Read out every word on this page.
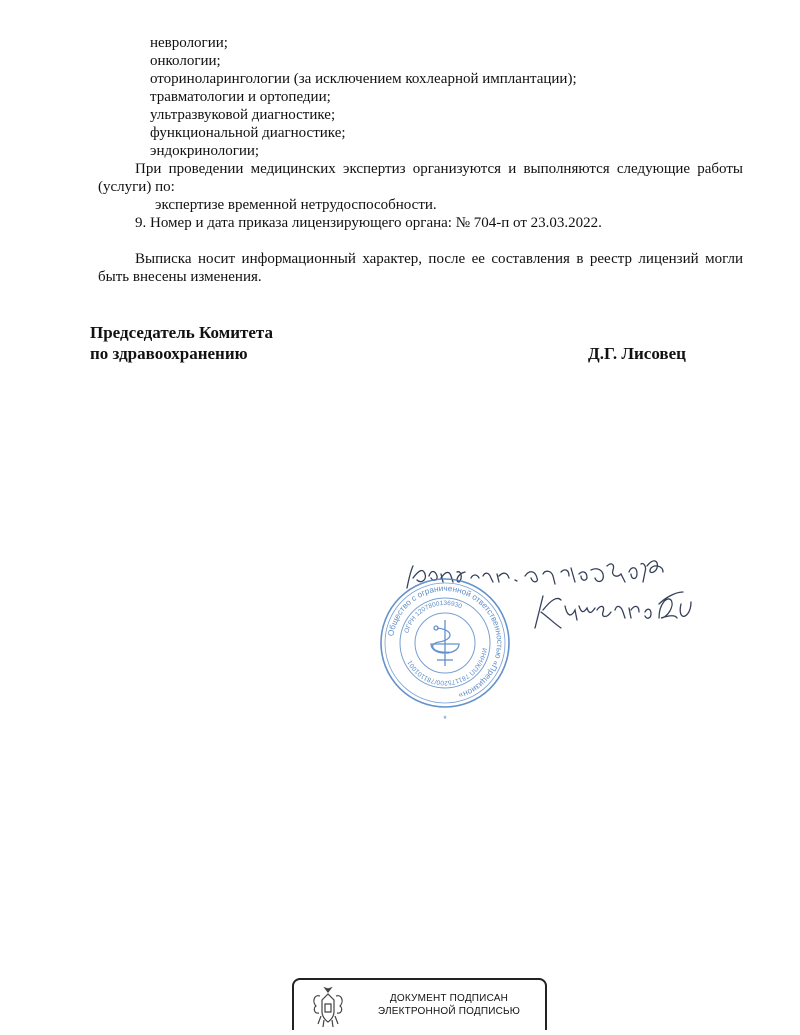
неврологии;
онкологии;
оториноларингологии (за исключением кохлеарной имплантации);
травматологии и ортопедии;
ультразвуковой диагностике;
функциональной диагностике;
эндокринологии;
При проведении медицинских экспертиз организуются и выполняются следующие работы (услуги) по:
экспертизе временной нетрудоспособности.
9. Номер и дата приказа лицензирующего органа: № 704-п от 23.03.2022.
Выписка носит информационный характер, после ее составления в реестр лицензий могли быть внесены изменения.
Председатель Комитета
по здравоохранению	Д.Г. Лисовец
Общество с ограниченной ответственностью «Прецизион»
ИНН/КПП 781175200/781101001
ОГРН 1207800136930
*
ДОКУМЕНТ ПОДПИСАН
ЭЛЕКТРОННОЙ ПОДПИСЬЮ
